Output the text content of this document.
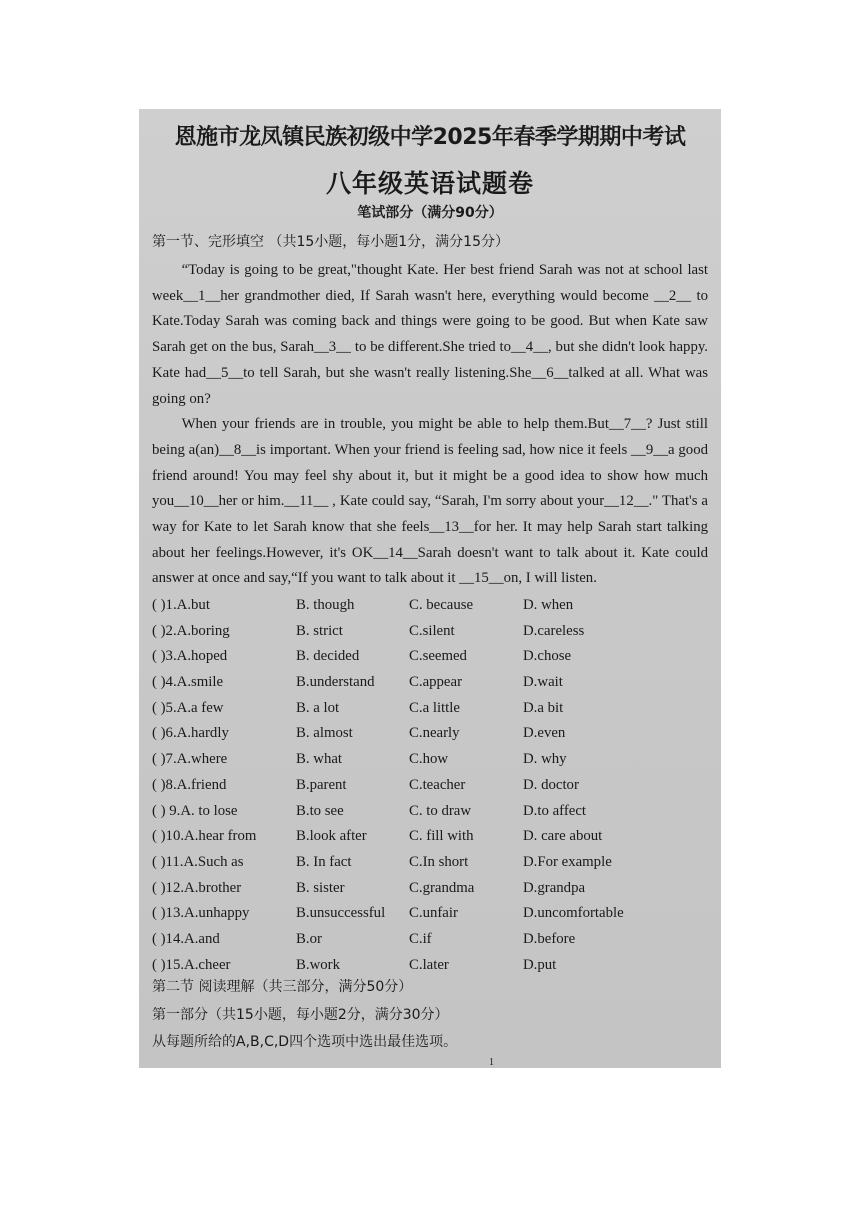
恩施市龙凤镇民族初级中学2025年春季学期期中考试
八年级英语试题卷
笔试部分（满分90分）
第一节、完形填空 （共15小题，每小题1分，满分15分）

“Today is going to be great,"thought Kate. Her best friend Sarah was not at school last week__1__her grandmother died, If Sarah wasn't here, everything would become __2__ to Kate.Today Sarah was coming back and things were going to be good. But when Kate saw Sarah get on the bus, Sarah__3__ to be different.She tried to__4__, but she didn't look happy. Kate had__5__to tell Sarah, but she wasn't really listening.She__6__talked at all. What was going on?

When your friends are in trouble, you might be able to help them.But__7__? Just still being a(an)__8__is important. When your friend is feeling sad, how nice it feels __9__a good friend around! You may feel shy about it, but it might be a good idea to show how much you__10__her or him.__11__ , Kate could say, “Sarah, I'm sorry about your__12__." That's a way for Kate to let Sarah know that she feels__13__for her. It may help Sarah start talking about her feelings.However, it's OK__14__Sarah doesn't want to talk about it. Kate could answer at once and say,“If you want to talk about it __15__on, I will listen.

( )1.A.but	B. though	C. because	D. when
( )2.A.boring	B. strict	C.silent	D.careless
( )3.A.hoped	B. decided	C.seemed	D.chose
( )4.A.smile	B.understand C.appear	D.wait
( )5.A.a few	B. a lot	C.a little	D.a bit
( )6.A.hardly	B. almost	C.nearly	D.even
( )7.A.where	B. what	C.how	D. why
( )8.A.friend	B.parent	C.teacher	D. doctor
( ) 9.A. to lose	B.to see	C. to draw	D.to affect
( )10.A.hear from	B.look after	C. fill with	D. care about
( )11.A.Such as	B. In fact	C.In short	D.For example
( )12.A.brother	B. sister	C.grandma	D.grandpa
( )13.A.unhappy	B.unsuccessful C.unfair	D.uncomfortable
( )14.A.and	B.or	C.if	D.before
( )15.A.cheer	B.work	C.later	D.put
第二节 阅读理解（共三部分，满分50分）
第一部分（共15小题，每小题2分，满分30分）
从每题所给的A,B,C,D四个选项中选出最佳选项。
1
